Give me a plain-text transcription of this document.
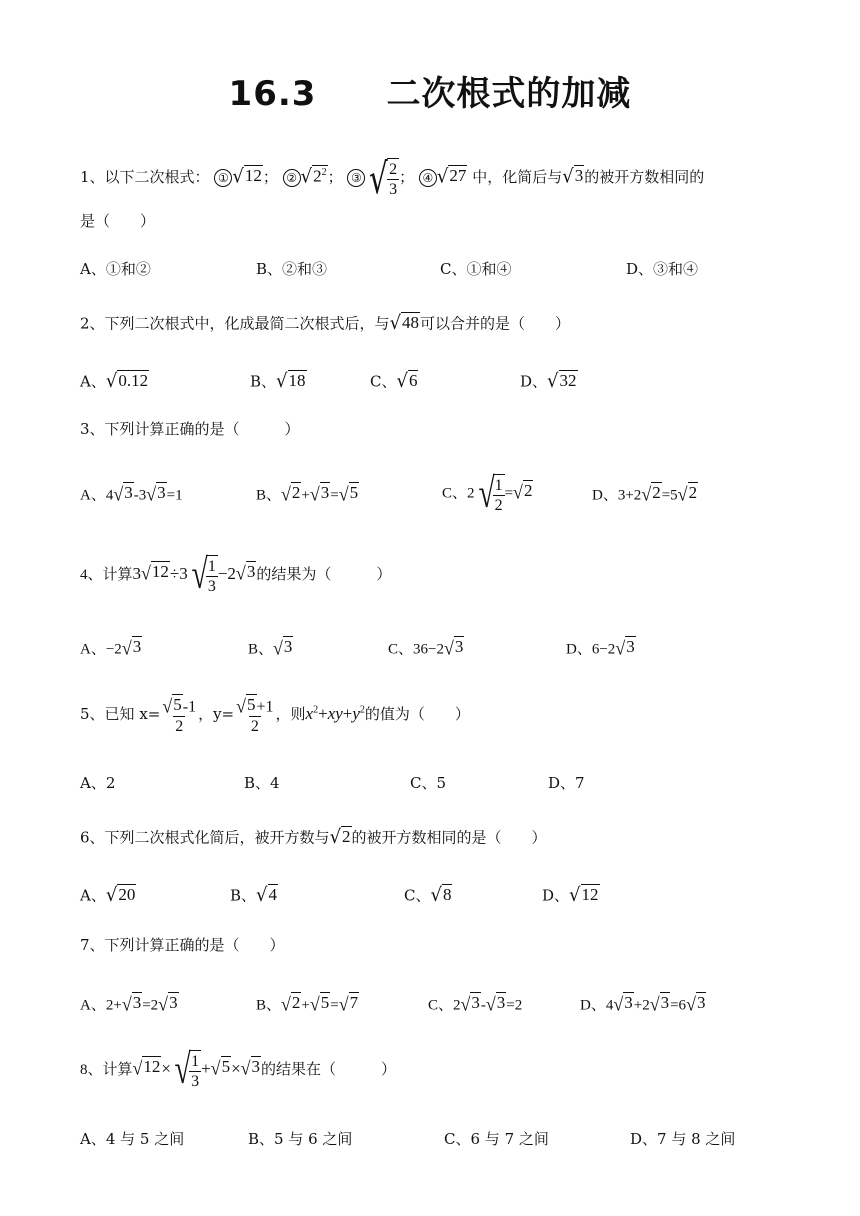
16.3 二次根式的加减
1、以下二次根式： ① √ 12 ； ② √ $2^2$ ； ③ √ $\frac{2}{3}$ ； ④ √ 27 中，化简后与 √ 3 的被开方数相同的
是（　　）
A、①和②	B、②和③	C、①和④	D、③和④
2、下列二次根式中，化成最简二次根式后，与 √ 48 可以合并的是（　　）
A、 √ 0.12	B、 √ 18	C、 √ 6	D、 √ 32
3、下列计算正确的是（　　　）
A、4 √ 3 -3 √ 3 =1	B、 √ 2 + √ 3 = √ 5	C、2 √
$\frac{1}{2}$ = √ 2	D、3+2 √ 2 =5 √ 2
4、计算3 √ 12 ÷3 √
$\frac{1}{3} -2$ √ 3 的结果为（　　　）
A、−2 √ 3	B、 √ 3	C、36−2 √ 3	D、6−2 √ 3
5、已知 $x= \frac{√ 5 -1}{2}$ ，$y= \frac{√ 5 +1}{2}$ ，则$x^2+xy+y^2$的值为（　　）
A、2	B、4	C、5	D、7
6、下列二次根式化简后，被开方数与 √ 2 的被开方数相同的是（　　）
A、 √ 20	B、 √ 4	C、 √ 8	D、 √ 12
7、下列计算正确的是（　　）
A、2+ √ 3 =2 √ 3	B、 √ 2 + √ 5 = √ 7	C、2 √ 3 - √ 3 =2	D、4 √ 3 +2 √ 3 =6 √ 3
8、计算 √ 12 × √
$\frac{1}{3}$ + √ 5 × √ 3 的结果在（　　　）
A、4 与 5 之间	B、5 与 6 之间	C、6 与 7 之间	D、7 与 8 之间
